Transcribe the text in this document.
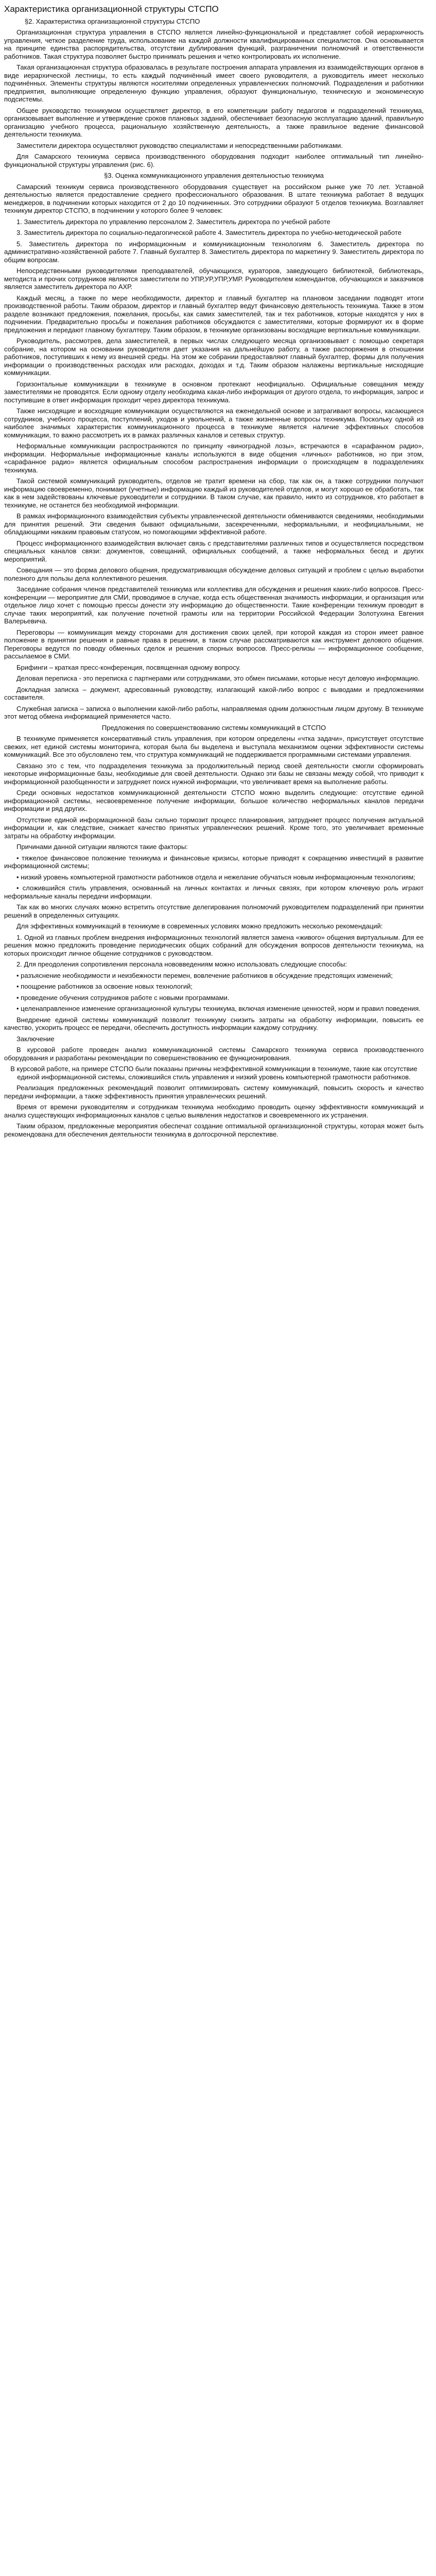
Характеристика организационной структуры СТСПО
§2. Характеристика организационной структуры СТСПО

Организационная структура управления в СТСПО является линейно-функциональной и представляет собой иерархичность управления, четкое разделение труда, использование на каждой должности квалифицированных специалистов. Она основывается на принципе единства распорядительства, отсутствии дублирования функций, разграничении полномочий и ответственности работников. Такая структура позволяет быстро принимать решения и четко контролировать их исполнение.

Такая организационная структура образовалась в результате построения аппарата управления из взаимодействующих органов в виде иерархической лестницы, то есть каждый подчинённый имеет своего руководителя, а руководитель имеет несколько подчинённых. Элементы структуры являются носителями определенных управленческих полномочий. Подразделения и работники предприятия, выполняющие определенную функцию управления, образуют функциональную, техническую и экономическую подсистемы.

Общее руководство техникумом осуществляет директор, в его компетенции работу педагогов и подразделений техникума, организовывает выполнение и утверждение сроков плановых заданий, обеспечивает безопасную эксплуатацию зданий, правильную организацию учебного процесса, рациональную хозяйственную деятельность, а также правильное ведение финансовой деятельности техникума.

Заместители директора осуществляют руководство специалистами и непосредственными работниками.

Для Самарского техникума сервиса производственного оборудования подходит наиболее оптимальный тип линейно-функциональной структуры управления (рис. 6).

§3. Оценка коммуникационного управления деятельностью техникума

Самарский техникум сервиса производственного оборудования существует на российском рынке уже 70 лет. Уставной деятельностью является предоставление среднего профессионального образования. В штате техникума работает 8 ведущих менеджеров, в подчинении которых находится от 2 до 10 подчиненных. Это сотрудники образуют 5 отделов техникума. Возглавляет техникум директор СТСПО, в подчинении у которого более 9 человек:

1. Заместитель директора по управлению персоналом 2. Заместитель директора по учебной работе

3. Заместитель директора по социально-педагогической работе 4. Заместитель директора по учебно-методической работе

5. Заместитель директора по информационным и коммуникационным технологиям 6. Заместитель директора по административно-хозяйственной работе 7. Главный бухгалтер 8. Заместитель директора по маркетингу 9. Заместитель директора по общим вопросам.

Непосредственными руководителями преподавателей, обучающихся, кураторов, заведующего библиотекой, библиотекарь, методиста и прочих сотрудников являются заместители по УПР,УР,УПР,УМР. Руководителем комендантов, обучающихся и заказчиков является заместитель директора по АХР.

Каждый месяц, а также по мере необходимости, директор и главный бухгалтер на плановом заседании подводят итоги производственной работы. Таким образом, директор и главный бухгалтер ведут финансовую деятельность техникума. Также в этом разделе возникают предложения, пожелания, просьбы, как самих заместителей, так и тех работников, которые находятся у них в подчинении. Предварительно просьбы и пожелания работников обсуждаются с заместителями, которые формируют их в форме предложения и передают главному бухгалтеру. Таким образом, в техникуме организованы восходящие вертикальные коммуникации.

Руководитель, рассмотрев, дела заместителей, в первых числах следующего месяца организовывает с помощью секретаря собрание, на котором на основании руководителя дает указания на дальнейшую работу, а также распоряжения в отношении работников, поступивших к нему из внешней среды. На этом же собрании предоставляют главный бухгалтер, формы для получения информации о производственных расходах или расходах, доходах и т.д. Таким образом налажены вертикальные нисходящие коммуникации.

Горизонтальные коммуникации в техникуме в основном протекают неофициально. Официальные совещания между заместителями не проводятся. Если одному отделу необходима какая-либо информация от другого отдела, то информация, запрос и поступившие в ответ информация проходит через директора техникума.

Также нисходящие и восходящие коммуникации осуществляются на еженедельной основе и затрагивают вопросы, касающиеся сотрудников, учебного процесса, поступлений, уходов и увольнений, а также жизненные вопросы техникума. Поскольку одной из наиболее значимых характеристик коммуникационного процесса в техникуме является наличие эффективных способов коммуникации, то важно рассмотреть их в рамках различных каналов и сетевых структур.

Неформальные коммуникации распространяются по принципу «виноградной лозы», встречаются в «сарафанном радио», информации. Неформальные информационные каналы используются в виде общения «личных» работников, но при этом, «сарафанное радио» является официальным способом распространения информации о происходящем в подразделениях техникума.

Такой системой коммуникаций руководитель, отделов не тратит времени на сбор, так как он, а также сотрудники получают информацию своевременно, понимают (учетные) информацию каждый из руководителей отделов, и могут хорошо ее обработать, так как в нем задействованы ключевые руководители и сотрудники. В таком случае, как правило, никто из сотрудников, кто работает в техникуме, не останется без необходимой информации.

В рамках информационного взаимодействия субъекты управленческой деятельности обмениваются сведениями, необходимыми для принятия решений. Эти сведения бывают официальными, засекреченными, неформальными, и неофициальными, не обладающими никаким правовым статусом, но помогающими эффективной работе.

Процесс информационного взаимодействия включает связь с представителями различных типов и осуществляется посредством специальных каналов связи: документов, совещаний, официальных сообщений, а также неформальных бесед и других мероприятий.

Совещания — это форма делового общения, предусматривающая обсуждение деловых ситуаций и проблем с целью выработки полезного для пользы дела коллективного решения.

Заседание собрания членов представителей техникума или коллектива для обсуждения и решения каких-либо вопросов. Пресс-конференции — мероприятие для СМИ, проводимое в случае, когда есть общественная значимость информации, и организация или отдельное лицо хочет с помощью прессы донести эту информацию до общественности. Такие конференции техникум проводит в случае таких мероприятий, как получение почетной грамоты или на территории Российской Федерации Золотухина Евгения Валерьевича.

Переговоры — коммуникация между сторонами для достижения своих целей, при которой каждая из сторон имеет равное положение в принятии решения и равные права в решении, в таком случае рассматриваются как инструмент делового общения. Переговоры ведутся по поводу обменных сделок и решения спорных вопросов. Пресс-релизы — информационное сообщение, рассылаемое в СМИ.

Брифинги – краткая пресс-конференция, посвященная одному вопросу.

Деловая переписка - это переписка с партнерами или сотрудниками, это обмен письмами, которые несут деловую информацию.

Докладная записка – документ, адресованный руководству, излагающий какой-либо вопрос с выводами и предложениями составителя.

Служебная записка – записка о выполнении какой-либо работы, направляемая одним должностным лицом другому. В техникуме этот метод обмена информацией применяется часто.

Предложения по совершенствованию системы коммуникаций в СТСПО

В техникуме применяется консервативный стиль управления, при котором определены «чтка задачи», присутствует отсутствие свежих, нет единой системы мониторинга, которая была бы выделена и выступала механизмом оценки эффективности системы коммуникаций. Все это обусловлено тем, что структура коммуникаций не поддерживается программными системами управления.

Связано это с тем, что подразделения техникума за продолжительный период своей деятельности смогли сформировать некоторые информационные базы, необходимые для своей деятельности. Однако эти базы не связаны между собой, что приводит к информационной разобщенности и затрудняет поиск нужной информации, что увеличивает время на выполнение работы.

Среди основных недостатков коммуникационной деятельности СТСПО можно выделить следующие: отсутствие единой информационной системы, несвоевременное получение информации, большое количество неформальных каналов передачи информации и ряд других.

Отсутствие единой информационной базы сильно тормозит процесс планирования, затрудняет процесс получения актуальной информации и, как следствие, снижает качество принятых управленческих решений. Кроме того, это увеличивает временные затраты на обработку информации.

Причинами данной ситуации являются такие факторы:

• тяжелое финансовое положение техникума и финансовые кризисы, которые приводят к сокращению инвестиций в развитие информационной системы;

• низкий уровень компьютерной грамотности работников отдела и нежелание обучаться новым информационным технологиям;

• сложившийся стиль управления, основанный на личных контактах и личных связях, при котором ключевую роль играют неформальные каналы передачи информации.

Так как во многих случаях можно встретить отсутствие делегирования полномочий руководителем подразделений при принятии решений в определенных ситуациях.

Для эффективных коммуникаций в техникуме в современных условиях можно предложить несколько рекомендаций:

1. Одной из главных проблем внедрения информационных технологий является замена «живого» общения виртуальным. Для ее решения можно предложить проведение периодических общих собраний для обсуждения вопросов деятельности техникума, на которых происходит личное общение сотрудников с руководством.

2. Для преодоления сопротивления персонала нововведениям можно использовать следующие способы:

• разъяснение необходимости и неизбежности перемен, вовлечение работников в обсуждение предстоящих изменений;

• поощрение работников за освоение новых технологий;

• проведение обучения сотрудников работе с новыми программами.

• целенаправленное изменение организационной культуры техникума, включая изменение ценностей, норм и правил поведения.

Внедрение единой системы коммуникаций позволит техникуму снизить затраты на обработку информации, повысить ее качество, ускорить процесс ее передачи, обеспечить доступность информации каждому сотруднику.

Заключение

В курсовой работе проведен анализ коммуникационной системы Самарского техникума сервиса производственного оборудования и разработаны рекомендации по совершенствованию ее функционирования.

В курсовой работе, на примере СТСПО были показаны причины неэффективной коммуникации в техникуме, такие как отсутствие единой информационной системы, сложившийся стиль управления и низкий уровень компьютерной грамотности работников.

Реализация предложенных рекомендаций позволит оптимизировать систему коммуникаций, повысить скорость и качество передачи информации, а также эффективность принятия управленческих решений.

Время от времени руководителям и сотрудникам техникума необходимо проводить оценку эффективности коммуникаций и анализ существующих информационных каналов с целью выявления недостатков и своевременного их устранения.

Таким образом, предложенные мероприятия обеспечат создание оптимальной организационной структуры, которая может быть рекомендована для обеспечения деятельности техникума в долгосрочной перспективе.
